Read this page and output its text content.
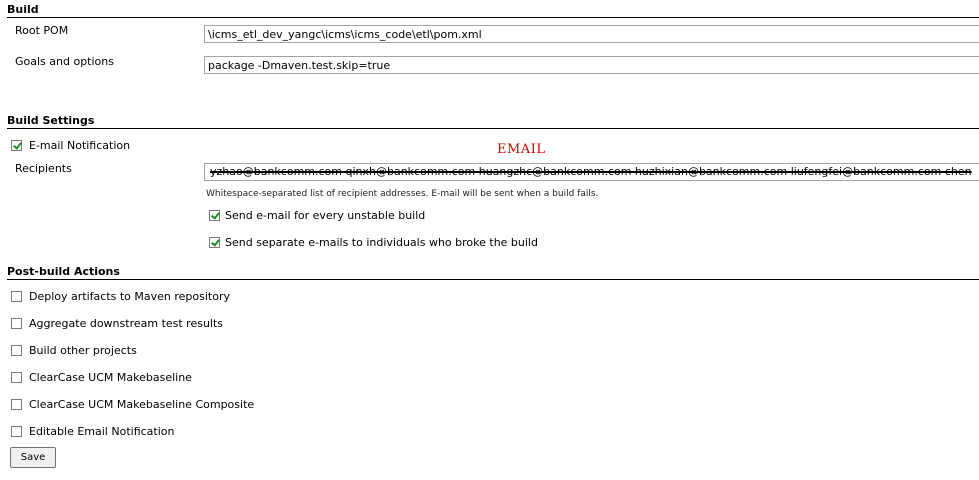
Build
Root POM
\icms_etl_dev_yangc\icms\icms_code\etl\pom.xml
Goals and options
package -Dmaven.test.skip=true
Build Settings
E-mail Notification	EMAIL
Recipients	yzhao@bankcomm.com qinxh@bankcomm.com huangzhc@bankcomm.com huzhixian@bankcomm.com liufengfei@bankcomm.com chen
Whitespace-separated list of recipient addresses. E-mail will be sent when a build fails.
Send e-mail for every unstable build
Send separate e-mails to individuals who broke the build
Post-build Actions
Deploy artifacts to Maven repository
Aggregate downstream test results
Build other projects
ClearCase UCM Makebaseline
ClearCase UCM Makebaseline Composite
Editable Email Notification
Save
